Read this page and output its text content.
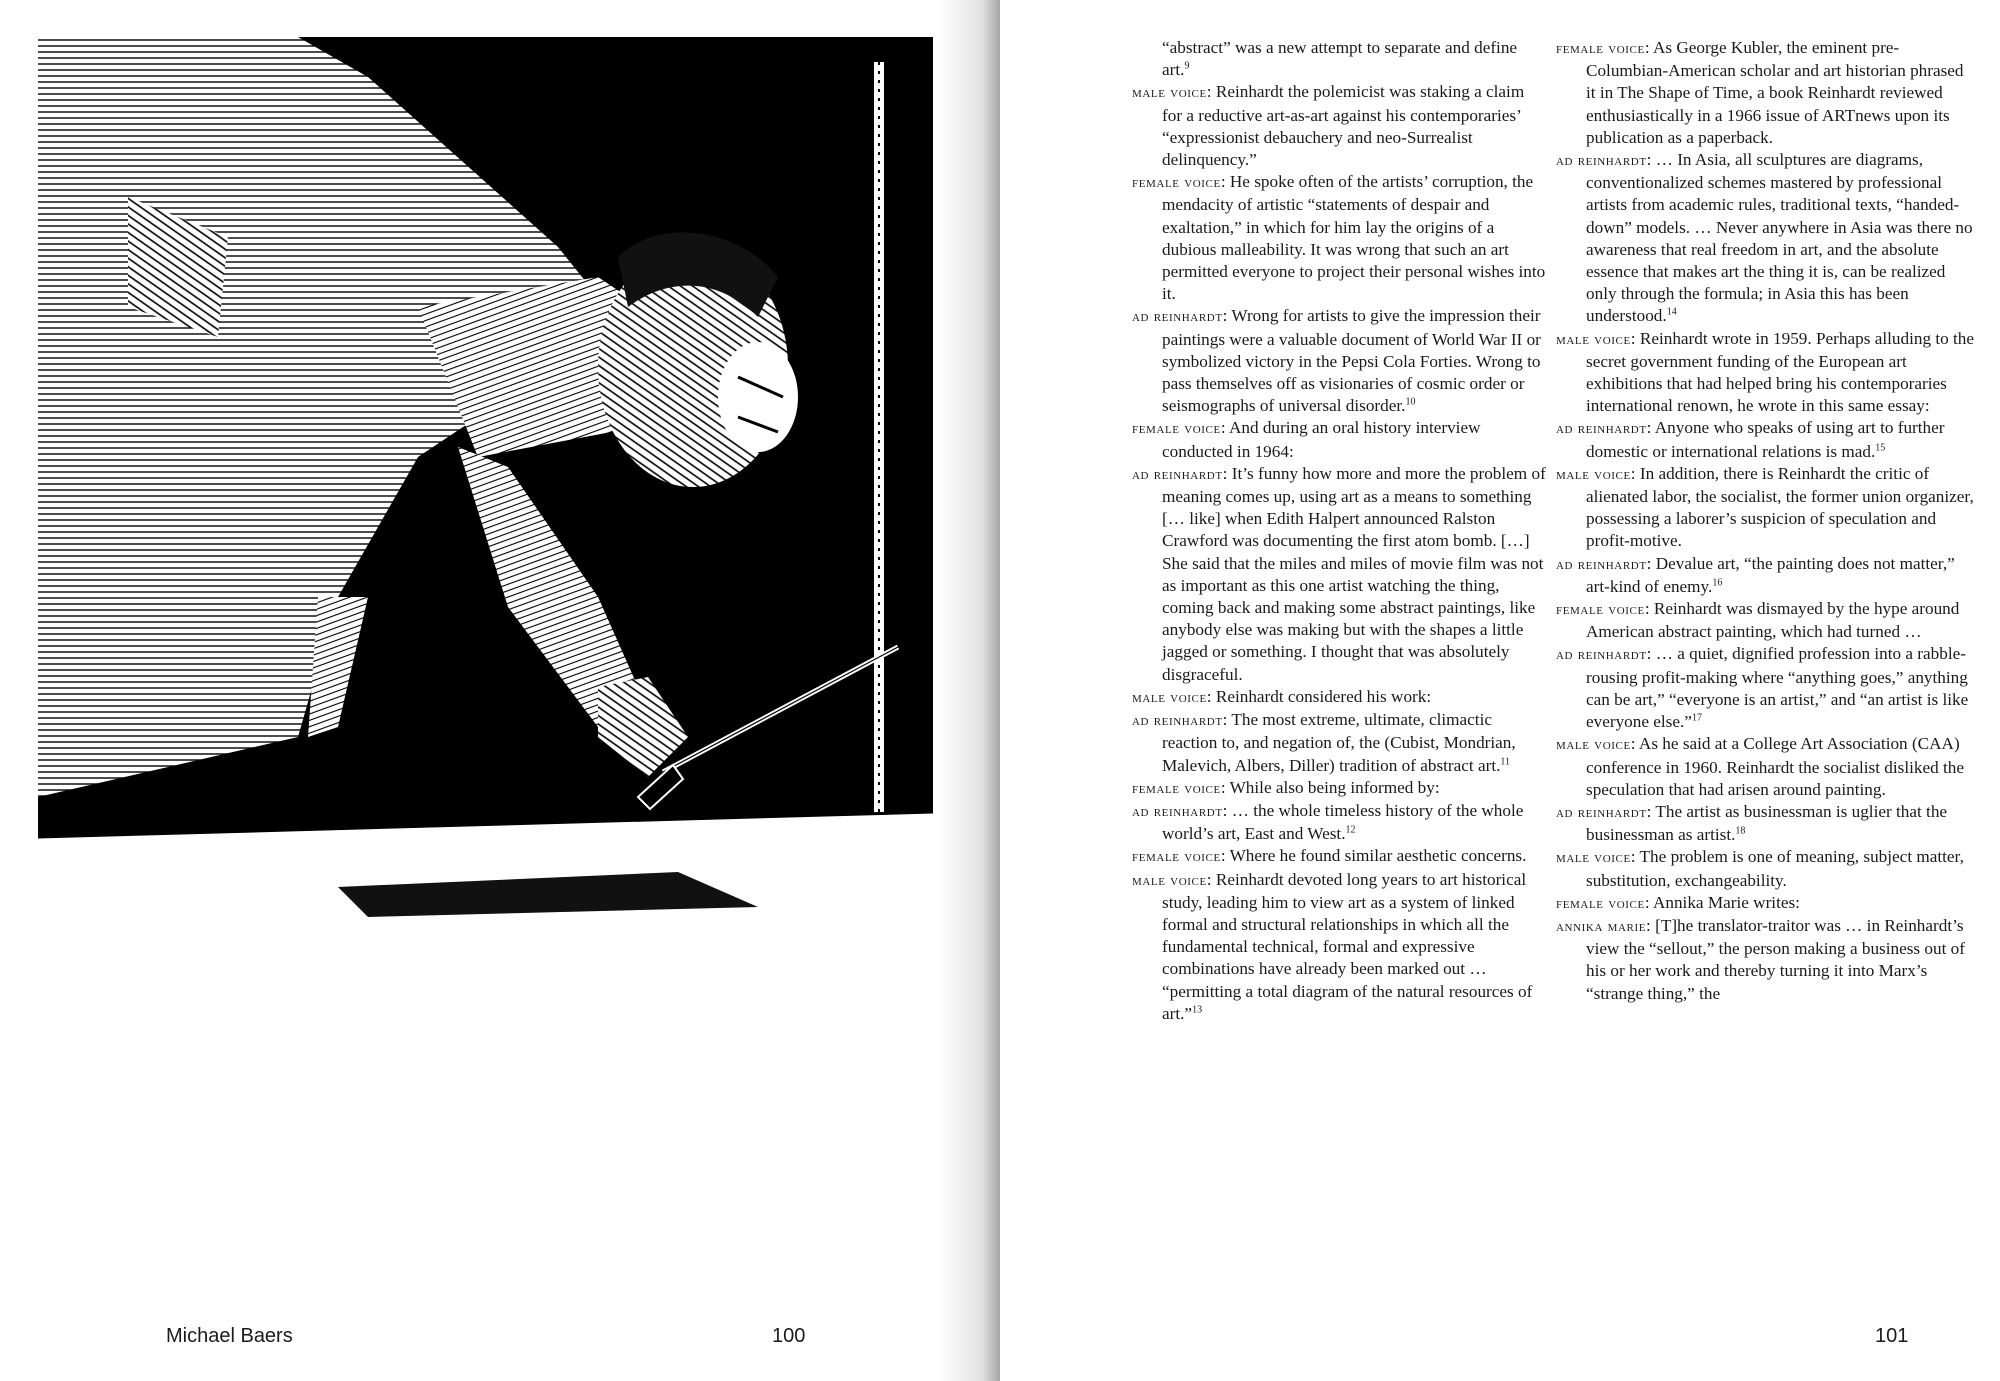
Michael Baers	100

“abstract” was a new attempt to separate and define art.$^9$

male voice: Reinhardt the polemicist was staking a claim for a reductive art-as-art against his contemporaries’ “expressionist debauchery and neo-Surrealist delinquency.”

female voice: He spoke often of the artists’ corruption, the mendacity of artistic “statements of despair and exaltation,” in which for him lay the origins of a dubious malleability. It was wrong that such an art permitted everyone to project their personal wishes into it.

ad reinhardt: Wrong for artists to give the impression their paintings were a valuable document of World War II or symbolized victory in the Pepsi Cola Forties. Wrong to pass themselves off as visionaries of cosmic order or seismographs of universal disorder.$^{10}$

female voice: And during an oral history interview conducted in 1964:

ad reinhardt: It’s funny how more and more the problem of meaning comes up, using art as a means to something [… like] when Edith Halpert announced Ralston Crawford was documenting the first atom bomb. […] She said that the miles and miles of movie film was not as important as this one artist watching the thing, coming back and making some abstract paintings, like anybody else was making but with the shapes a little jagged or something. I thought that was absolutely disgraceful.

male voice: Reinhardt considered his work:

ad reinhardt: The most extreme, ultimate, climactic reaction to, and negation of, the (Cubist, Mondrian, Malevich, Albers, Diller) tradition of abstract art.$^{11}$

female voice: While also being informed by:

ad reinhardt: … the whole timeless history of the whole world’s art, East and West.$^{12}$

female voice: Where he found similar aesthetic concerns.

male voice: Reinhardt devoted long years to art historical study, leading him to view art as a system of linked formal and structural relationships in which all the fundamental technical, formal and expressive combinations have already been marked out … “permitting a total diagram of the natural resources of art.”$^{13}$

female voice: As George Kubler, the eminent pre-Columbian-American scholar and art historian phrased it in The Shape of Time, a book Reinhardt reviewed enthusiastically in a 1966 issue of ARTnews upon its publication as a paperback.

ad reinhardt: … In Asia, all sculptures are diagrams, conventionalized schemes mastered by professional artists from academic rules, traditional texts, “handed-down” models. … Never anywhere in Asia was there no awareness that real freedom in art, and the absolute essence that makes art the thing it is, can be realized only through the formula; in Asia this has been understood.$^{14}$

male voice: Reinhardt wrote in 1959. Perhaps alluding to the secret government funding of the European art exhibitions that had helped bring his contemporaries international renown, he wrote in this same essay:

ad reinhardt: Anyone who speaks of using art to further domestic or international relations is mad.$^{15}$

male voice: In addition, there is Reinhardt the critic of alienated labor, the socialist, the former union organizer, possessing a laborer’s suspicion of speculation and profit-motive.

ad reinhardt: Devalue art, “the painting does not matter,” art-kind of enemy.$^{16}$

female voice: Reinhardt was dismayed by the hype around American abstract painting, which had turned …

ad reinhardt: … a quiet, dignified profession into a rabble-rousing profit-making where “anything goes,” anything can be art,” “everyone is an artist,” and “an artist is like everyone else.”$^{17}$

male voice: As he said at a College Art Association (CAA) conference in 1960. Reinhardt the socialist disliked the speculation that had arisen around painting.

ad reinhardt: The artist as businessman is uglier that the businessman as artist.$^{18}$

male voice: The problem is one of meaning, subject matter, substitution, exchangeability.

female voice: Annika Marie writes:

annika marie: [T]he translator-traitor was … in Reinhardt’s view the “sellout,” the person making a business out of his or her work and thereby turning it into Marx’s “strange thing,” the

101
